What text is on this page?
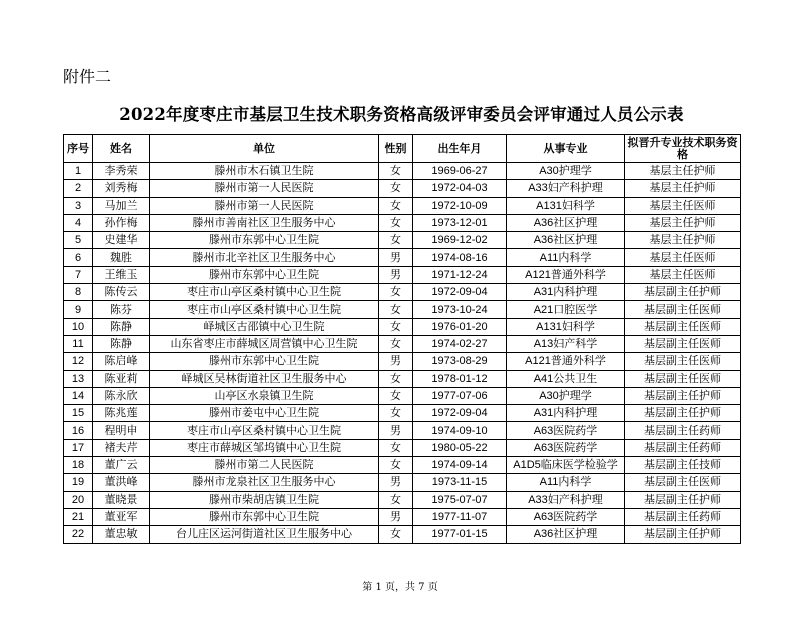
附件二
2022年度枣庄市基层卫生技术职务资格高级评审委员会评审通过人员公示表
序号	姓名	单位	性别	出生年月	从事专业	拟晋升专业技术职务资格
1	李秀荣	滕州市木石镇卫生院	女	1969-06-27	A30护理学	基层主任护师
2	刘秀梅	滕州市第一人民医院	女	1972-04-03	A33妇产科护理	基层主任护师
3	马加兰	滕州市第一人民医院	女	1972-10-09	A131妇科学	基层主任医师
4	孙作梅	滕州市善南社区卫生服务中心	女	1973-12-01	A36社区护理	基层主任护师
5	史建华	滕州市东郭中心卫生院	女	1969-12-02	A36社区护理	基层主任护师
6	魏胜	滕州市北辛社区卫生服务中心	男	1974-08-16	A11内科学	基层主任医师
7	王维玉	滕州市东郭中心卫生院	男	1971-12-24	A121普通外科学	基层主任医师
8	陈传云	枣庄市山亭区桑村镇中心卫生院	女	1972-09-04	A31内科护理	基层副主任护师
9	陈芬	枣庄市山亭区桑村镇中心卫生院	女	1973-10-24	A21口腔医学	基层副主任医师
10	陈静	峄城区古邵镇中心卫生院	女	1976-01-20	A131妇科学	基层副主任医师
11	陈静	山东省枣庄市薛城区周营镇中心卫生院	女	1974-02-27	A13妇产科学	基层副主任医师
12	陈启峰	滕州市东郭中心卫生院	男	1973-08-29	A121普通外科学	基层副主任医师
13	陈亚莉	峄城区吴林街道社区卫生服务中心	女	1978-01-12	A41公共卫生	基层副主任医师
14	陈永欣	山亭区水泉镇卫生院	女	1977-07-06	A30护理学	基层副主任护师
15	陈兆莲	滕州市姜屯中心卫生院	女	1972-09-04	A31内科护理	基层副主任护师
16	程明申	枣庄市山亭区桑村镇中心卫生院	男	1974-09-10	A63医院药学	基层副主任药师
17	褚夫芹	枣庄市薛城区邹坞镇中心卫生院	女	1980-05-22	A63医院药学	基层副主任药师
18	董广云	滕州市第二人民医院	女	1974-09-14	A1D5临床医学检验学	基层副主任技师
19	董洪峰	滕州市龙泉社区卫生服务中心	男	1973-11-15	A11内科学	基层副主任医师
20	董晓景	滕州市柴胡店镇卫生院	女	1975-07-07	A33妇产科护理	基层副主任护师
21	董亚军	滕州市东郭中心卫生院	男	1977-11-07	A63医院药学	基层副主任药师
22	董忠敏	台儿庄区运河街道社区卫生服务中心	女	1977-01-15	A36社区护理	基层副主任护师
第 1 页，共 7 页
